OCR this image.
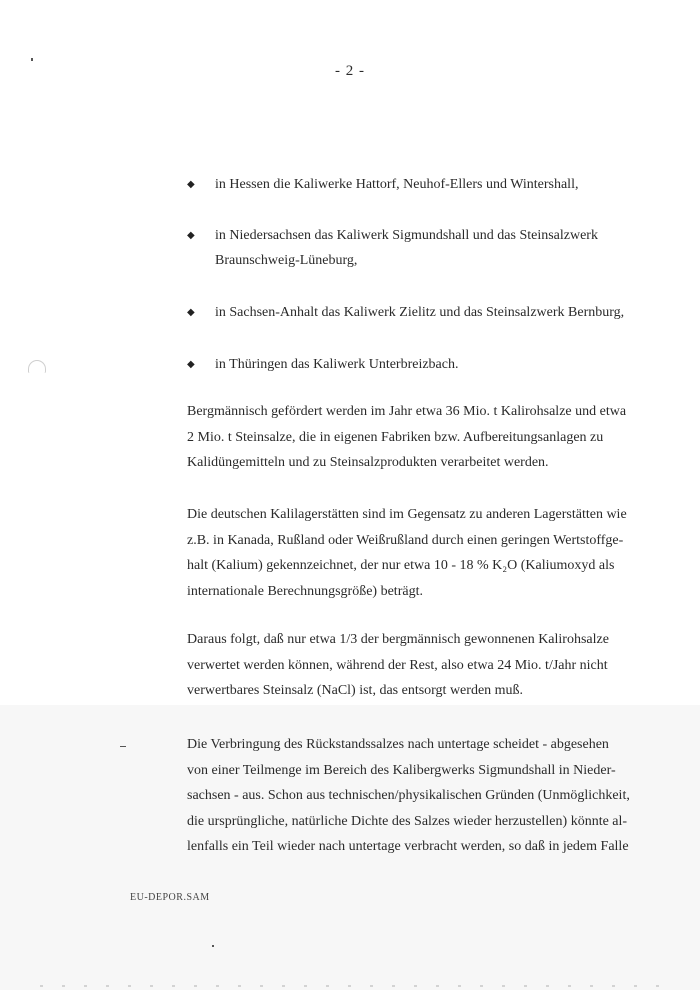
- 2 -
◆ in Hessen die Kaliwerke Hattorf, Neuhof-Ellers und Wintershall,
◆ in Niedersachsen das Kaliwerk Sigmundshall und das Steinsalzwerk
Braunschweig-Lüneburg,
◆ in Sachsen-Anhalt das Kaliwerk Zielitz und das Steinsalzwerk Bernburg,
◆ in Thüringen das Kaliwerk Unterbreizbach.
Bergmännisch gefördert werden im Jahr etwa 36 Mio. t Kalirohsalze und etwa
2 Mio. t Steinsalze, die in eigenen Fabriken bzw. Aufbereitungsanlagen zu
Kalidüngemitteln und zu Steinsalzprodukten verarbeitet werden.
Die deutschen Kalilagerstätten sind im Gegensatz zu anderen Lagerstätten wie
z.B. in Kanada, Rußland oder Weißrußland durch einen geringen Wertstoffge-
halt (Kalium) gekennzeichnet, der nur etwa 10 - 18 % K₂O (Kaliumoxyd als
internationale Berechnungsgröße) beträgt.
Daraus folgt, daß nur etwa 1/3 der bergmännisch gewonnenen Kalirohsalze
verwertet werden können, während der Rest, also etwa 24 Mio. t/Jahr nicht
verwertbares Steinsalz (NaCl) ist, das entsorgt werden muß.
Die Verbringung des Rückstandssalzes nach untertage scheidet - abgesehen
von einer Teilmenge im Bereich des Kalibergwerks Sigmundshall in Nieder-
sachsen - aus. Schon aus technischen/physikalischen Gründen (Unmöglichkeit,
die ursprüngliche, natürliche Dichte des Salzes wieder herzustellen) könnte al-
lenfalls ein Teil wieder nach untertage verbracht werden, so daß in jedem Falle
EU-DEPOR.SAM
